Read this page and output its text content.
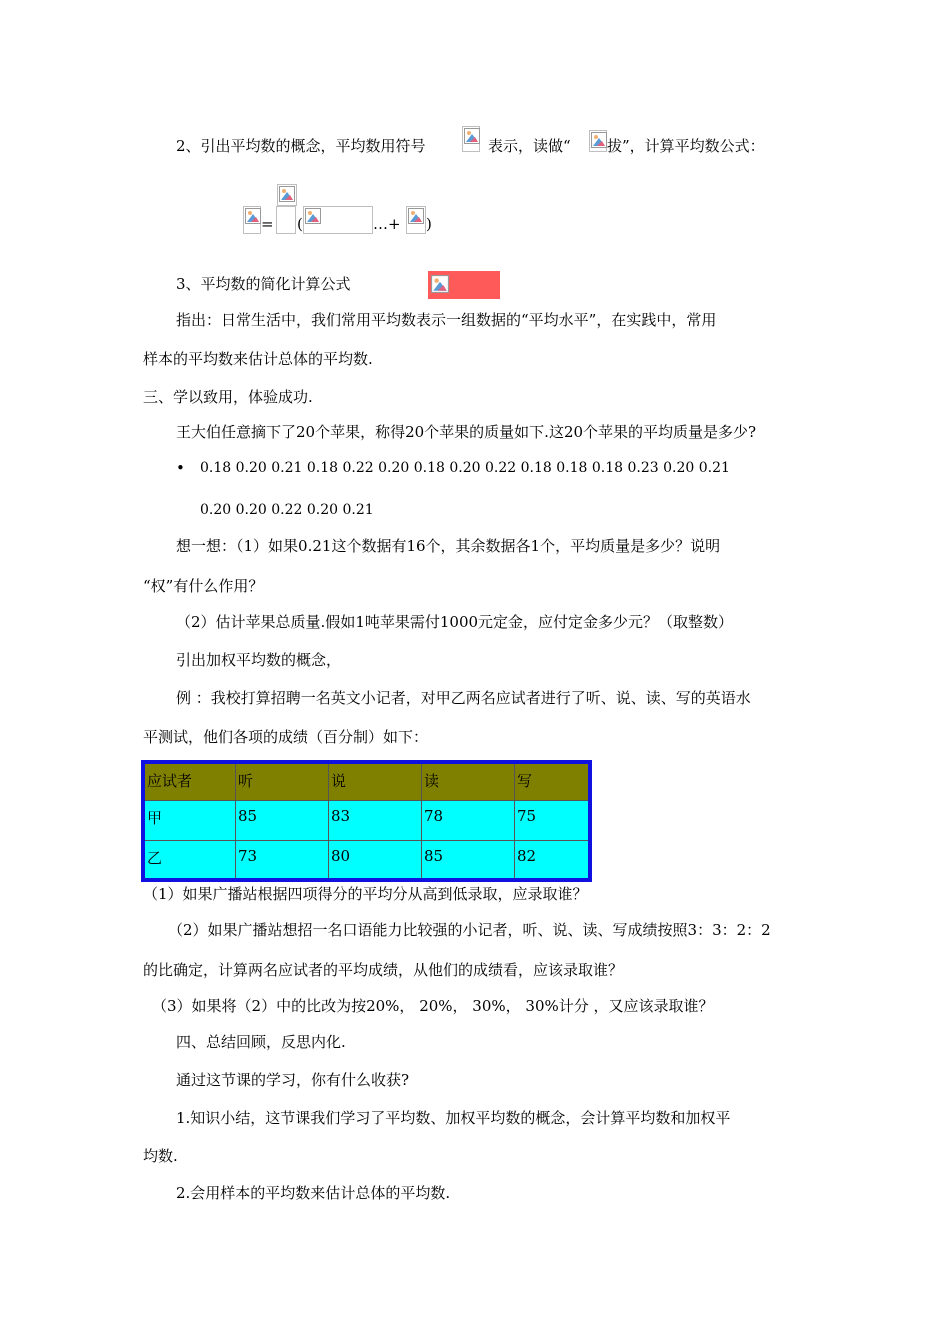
2、引出平均数的概念，平均数用符号	表示，读做“ 拔”，计算平均数公式：
= (	…+ )
3、平均数的简化计算公式
指出：日常生活中，我们常用平均数表示一组数据的“平均水平”，在实践中，常用
样本的平均数来估计总体的平均数.
三、学以致用，体验成功.
王大伯任意摘下了20个苹果，称得20个苹果的质量如下.这20个苹果的平均质量是多少?
• 0.18 0.20 0.21 0.18 0.22 0.20 0.18 0.20 0.22 0.18 0.18 0.18 0.23 0.20 0.21
0.20 0.20 0.22 0.20 0.21
想一想：（1）如果0.21这个数据有16个，其余数据各1个，平均质量是多少？说明
“权”有什么作用？
（2）估计苹果总质量.假如1吨苹果需付1000元定金，应付定金多少元？（取整数）
引出加权平均数的概念，
例 ：我校打算招聘一名英文小记者，对甲乙两名应试者进行了听、说、读、写的英语水
平测试，他们各项的成绩（百分制）如下：
应试者	听	说	读	写
甲	85	83	78	75
乙	73	80	85	82
（1）如果广播站根据四项得分的平均分从高到低录取，应录取谁？
（2）如果广播站想招一名口语能力比较强的小记者，听、说、读、写成绩按照3：3：2：2
的比确定，计算两名应试者的平均成绩，从他们的成绩看，应该录取谁？
（3）如果将（2）中的比改为按20%， 20%， 30%， 30%计分 ，又应该录取谁？
四、总结回顾，反思内化.
通过这节课的学习，你有什么收获?
1.知识小结，这节课我们学习了平均数、加权平均数的概念，会计算平均数和加权平
均数.
2.会用样本的平均数来估计总体的平均数.
